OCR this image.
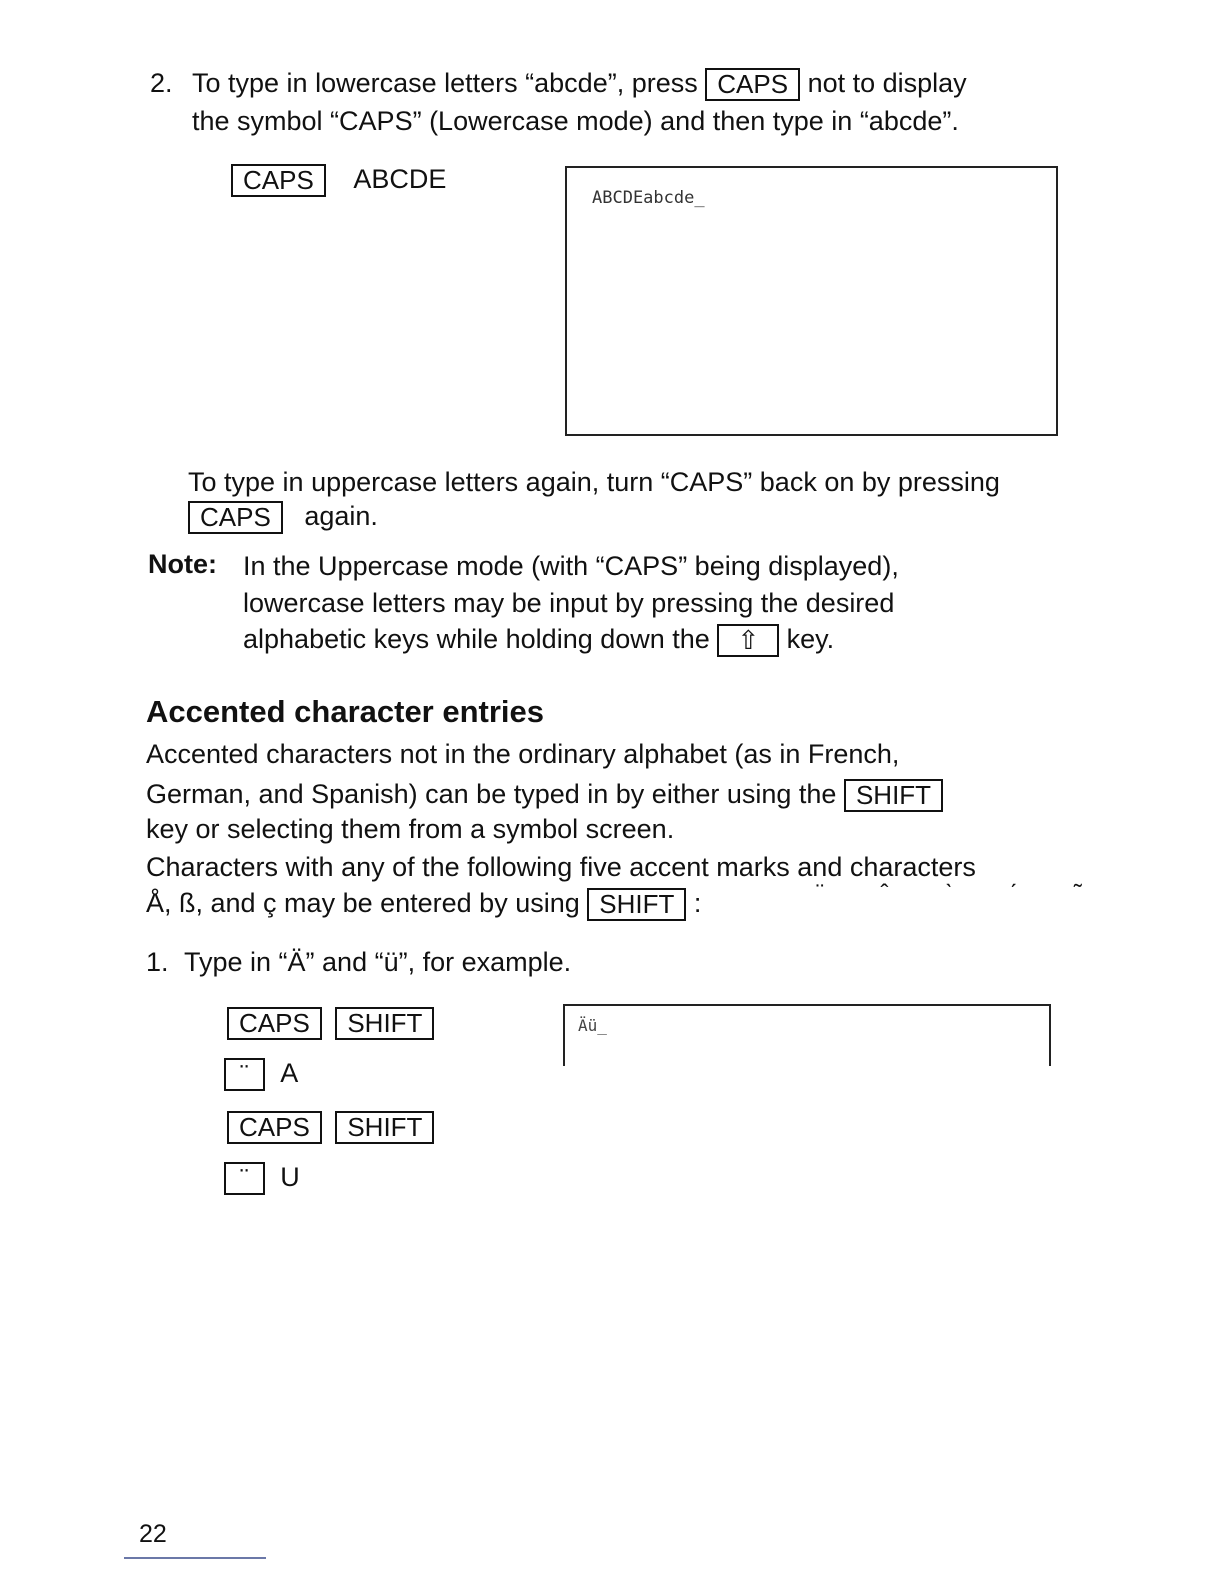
2. To type in lowercase letters “abcde”, press CAPS not to display
the symbol “CAPS” (Lowercase mode) and then type in “abcde”.
CAPS ABCDE
ABCDEabcde_
To type in uppercase letters again, turn “CAPS” back on by pressing
CAPS again.
Note: In the Uppercase mode (with “CAPS” being displayed),
lowercase letters may be input by pressing the desired
alphabetic keys while holding down the ⇧ key.
Accented character entries
Accented characters not in the ordinary alphabet (as in French,
German, and Spanish) can be typed in by either using the SHIFT
key or selecting them from a symbol screen.
Characters with any of the following five accent marks and characters
Å, ß, and ç may be entered by using SHIFT :	¨ ˆ ˋ ˊ ˜
1. Type in “Ä” and “ü”, for example.
CAPS SHIFT
¨ A
CAPS SHIFT
¨ U
Äü_
22
